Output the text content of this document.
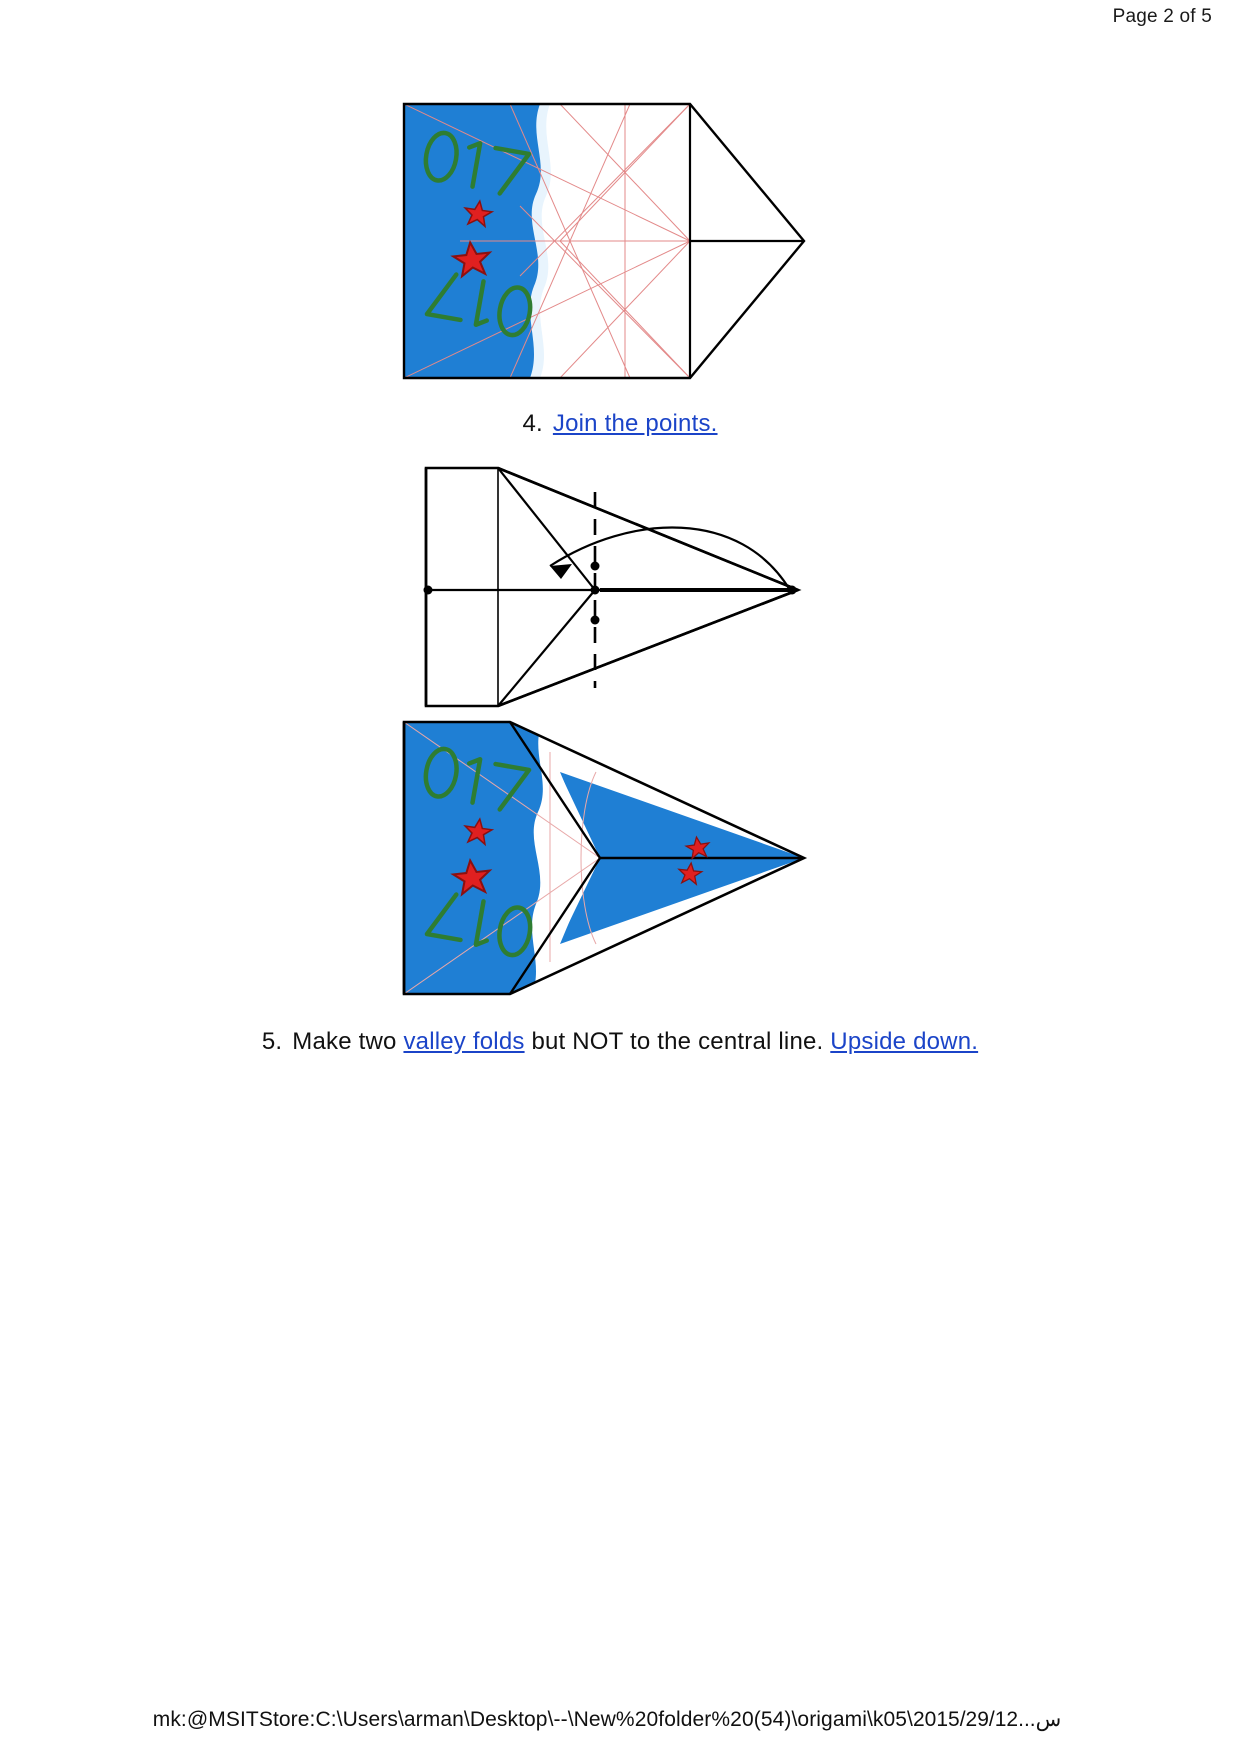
Page 2 of 5
4. Join the points.
5. Make two valley folds but NOT to the central line. Upside down.
mk:@MSITStore:C:\Users\arman\Desktop\--\New%20folder%20(54)\origami\k05\ﺱ...2015/29/12
